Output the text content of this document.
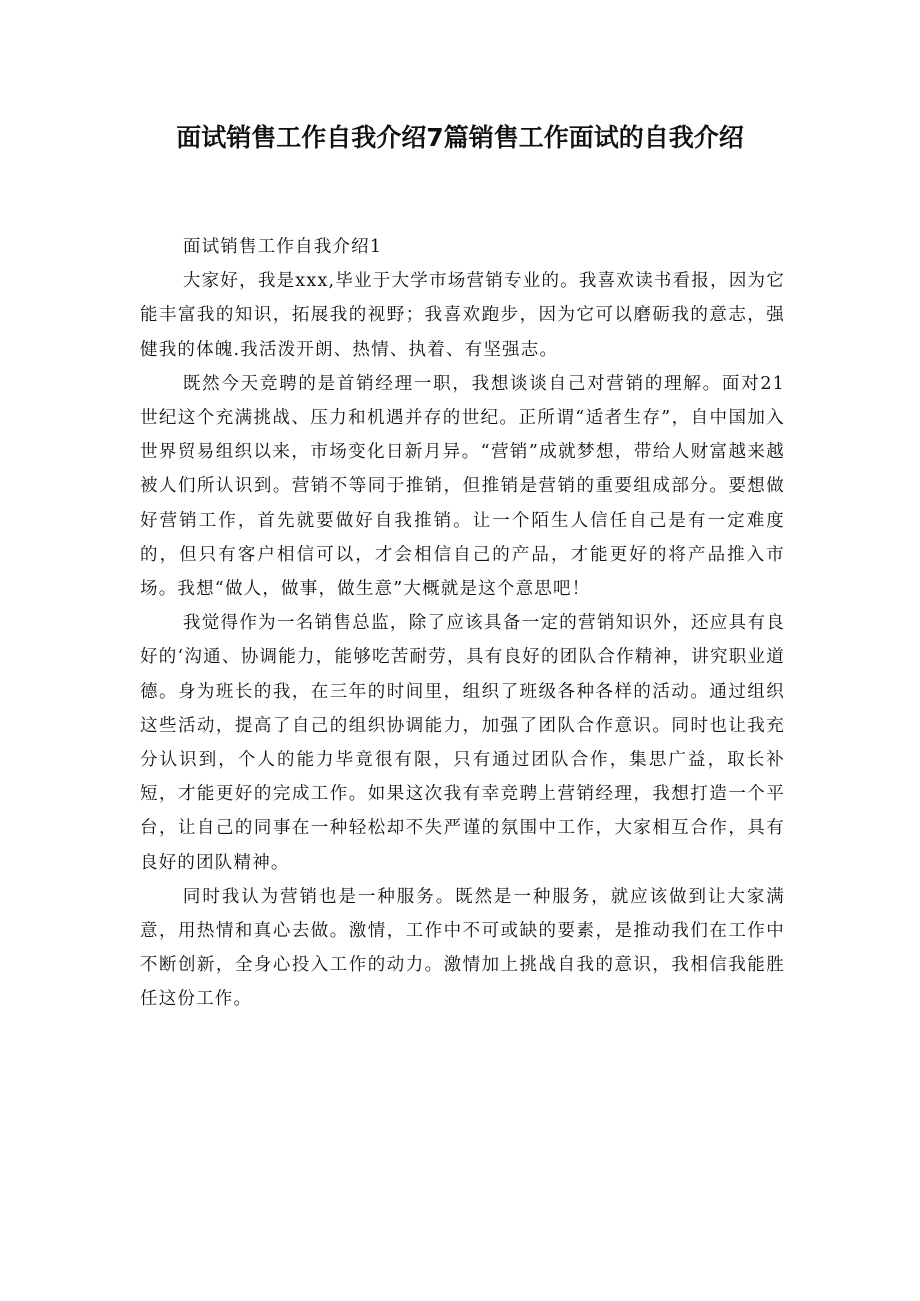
面试销售工作自我介绍7篇销售工作面试的自我介绍
面试销售工作自我介绍1

大家好，我是xxx,毕业于大学市场营销专业的。我喜欢读书看报，因为它能丰富我的知识，拓展我的视野；我喜欢跑步，因为它可以磨砺我的意志，强健我的体魄.我活泼开朗、热情、执着、有坚强志。

既然今天竞聘的是首销经理一职，我想谈谈自己对营销的理解。面对21世纪这个充满挑战、压力和机遇并存的世纪。正所谓“适者生存”，自中国加入世界贸易组织以来，市场变化日新月异。“营销”成就梦想，带给人财富越来越被人们所认识到。营销不等同于推销，但推销是营销的重要组成部分。要想做好营销工作，首先就要做好自我推销。让一个陌生人信任自己是有一定难度的，但只有客户相信可以，才会相信自己的产品，才能更好的将产品推入市场。我想“做人，做事，做生意”大概就是这个意思吧！

我觉得作为一名销售总监，除了应该具备一定的营销知识外，还应具有良好的‘沟通、协调能力，能够吃苦耐劳，具有良好的团队合作精神，讲究职业道德。身为班长的我，在三年的时间里，组织了班级各种各样的活动。通过组织这些活动，提高了自己的组织协调能力，加强了团队合作意识。同时也让我充分认识到，个人的能力毕竟很有限，只有通过团队合作，集思广益，取长补短，才能更好的完成工作。如果这次我有幸竞聘上营销经理，我想打造一个平台，让自己的同事在一种轻松却不失严谨的氛围中工作，大家相互合作，具有良好的团队精神。

同时我认为营销也是一种服务。既然是一种服务，就应该做到让大家满意，用热情和真心去做。激情，工作中不可或缺的要素，是推动我们在工作中不断创新，全身心投入工作的动力。激情加上挑战自我的意识，我相信我能胜任这份工作。
